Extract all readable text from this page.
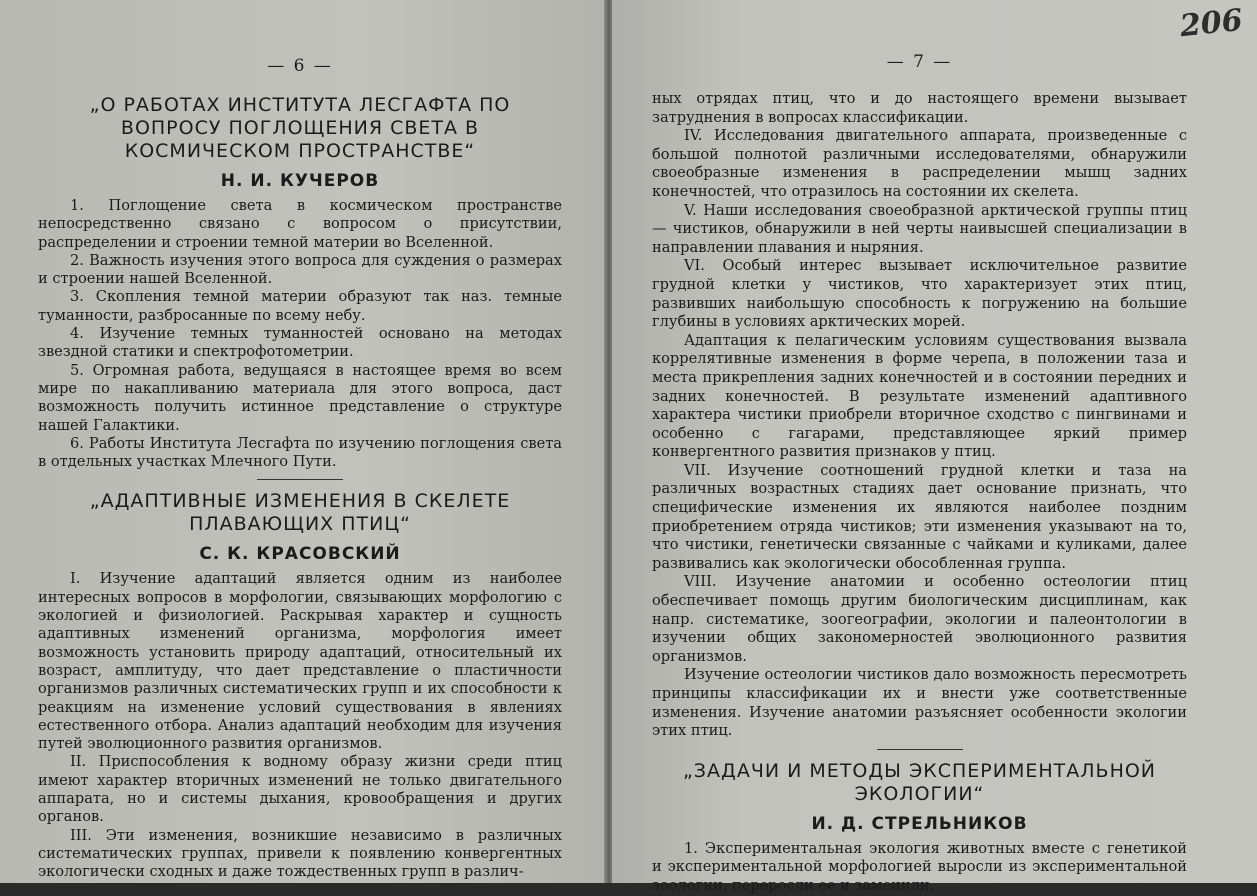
— 6 —
„О РАБОТАХ ИНСТИТУТА ЛЕСГАФТА ПО ВОПРОСУ ПОГЛОЩЕНИЯ СВЕТА В КОСМИЧЕСКОМ ПРОСТРАНСТВЕ“
Н. И. КУЧЕРОВ

1. Поглощение света в космическом пространстве непосредственно связано с вопросом о присутствии, распределении и строении темной материи во Вселенной.

2. Важность изучения этого вопроса для суждения о размерах и строении нашей Вселенной.

3. Скопления темной материи образуют так наз. темные туманности, разбросанные по всему небу.

4. Изучение темных туманностей основано на методах звездной статики и спектрофотометрии.

5. Огромная работа, ведущаяся в настоящее время во всем мире по накапливанию материала для этого вопроса, даст возможность получить истинное представление о структуре нашей Галактики.

6. Работы Института Лесгафта по изучению поглощения света в отдельных участках Млечного Пути.

„АДАПТИВНЫЕ ИЗМЕНЕНИЯ В СКЕЛЕТЕ ПЛАВАЮЩИХ ПТИЦ“
С. К. КРАСОВСКИЙ

I. Изучение адаптаций является одним из наиболее интересных вопросов в морфологии, связывающих морфологию с экологией и физиологией. Раскрывая характер и сущность адаптивных изменений организма, морфология имеет возможность установить природу адаптаций, относительный их возраст, амплитуду, что дает представление о пластичности организмов различных систематических групп и их способности к реакциям на изменение условий существования в явлениях естественного отбора. Анализ адаптаций необходим для изучения путей эволюционного развития организмов.

II. Приспособления к водному образу жизни среди птиц имеют характер вторичных изменений не только двигательного аппарата, но и системы дыхания, кровообращения и других органов.

III. Эти изменения, возникшие независимо в различных систематических группах, привели к появлению конвергентных экологически сходных и даже тождественных групп в различ-

206
— 7 —

ных отрядах птиц, что и до настоящего времени вызывает затруднения в вопросах классификации.

IV. Исследования двигательного аппарата, произведенные с большой полнотой различными исследователями, обнаружили своеобразные изменения в распределении мышц задних конечностей, что отразилось на состоянии их скелета.

V. Наши исследования своеобразной арктической группы птиц — чистиков, обнаружили в ней черты наивысшей специализации в направлении плавания и ныряния.

VI. Особый интерес вызывает исключительное развитие грудной клетки у чистиков, что характеризует этих птиц, развивших наибольшую способность к погружению на большие глубины в условиях арктических морей.

Адаптация к пелагическим условиям существования вызвала коррелятивные изменения в форме черепа, в положении таза и места прикрепления задних конечностей и в состоянии передних и задних конечностей. В результате изменений адаптивного характера чистики приобрели вторичное сходство с пингвинами и особенно с гагарами, представляющее яркий пример конвергентного развития признаков у птиц.

VII. Изучение соотношений грудной клетки и таза на различных возрастных стадиях дает основание признать, что специфические изменения их являются наиболее поздним приобретением отряда чистиков; эти изменения указывают на то, что чистики, генетически связанные с чайками и куликами, далее развивались как экологически обособленная группа.

VIII. Изучение анатомии и особенно остеологии птиц обеспечивает помощь другим биологическим дисциплинам, как напр. систематике, зоогеографии, экологии и палеонтологии в изучении общих закономерностей эволюционного развития организмов.

Изучение остеологии чистиков дало возможность пересмотреть принципы классификации их и внести уже соответственные изменения. Изучение анатомии разъясняет особенности экологии этих птиц.

„ЗАДАЧИ И МЕТОДЫ ЭКСПЕРИМЕНТАЛЬНОЙ ЭКОЛОГИИ“
И. Д. СТРЕЛЬНИКОВ

1. Экспериментальная экология животных вместе с генетикой и экспериментальной морфологией выросли из экспериментальной зоологии, переросли ее и заменили.
